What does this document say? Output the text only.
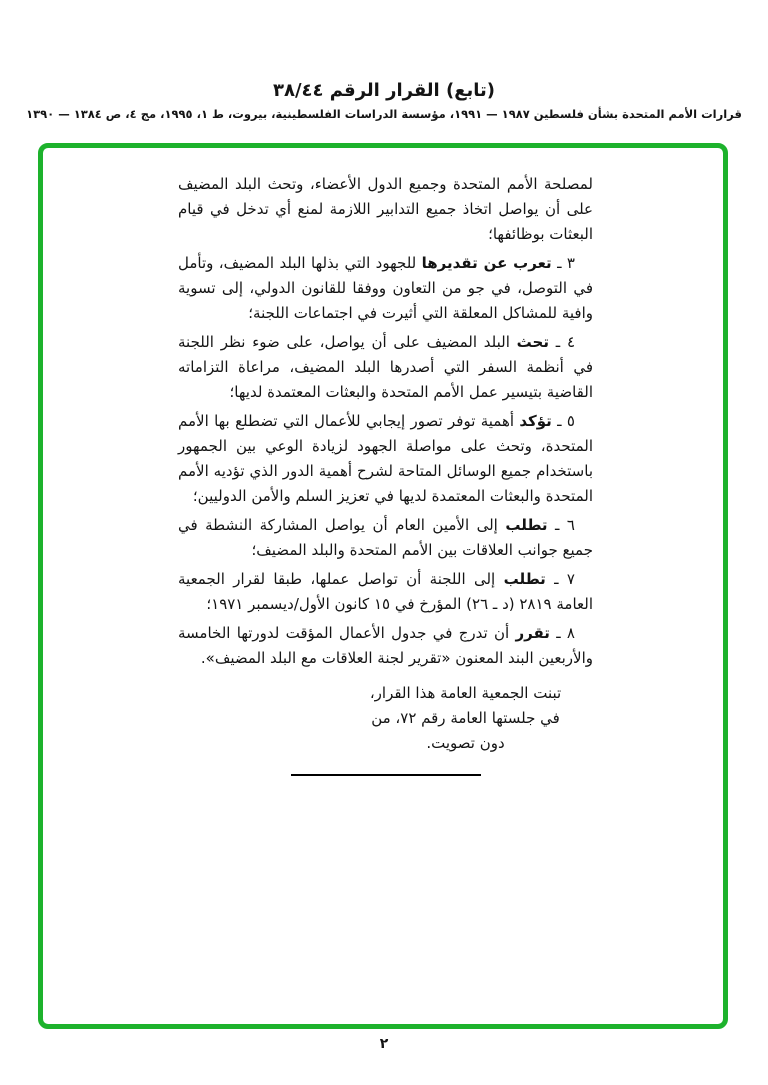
(تابع) القرار الرقم ٣٨/٤٤
قرارات الأمم المتحدة بشأن فلسطين ١٩٨٧ — ١٩٩١، مؤسسة الدراسات الفلسطينية، بيروت، ط ١، ١٩٩٥، مج ٤، ص ١٣٨٤ — ١٣٩٠

لمصلحة الأمم المتحدة وجميع الدول الأعضاء، وتحث البلد المضيف على أن يواصل اتخاذ جميع التدابير اللازمة لمنع أي تدخل في قيام البعثات بوظائفها؛

٣ ـ تعرب عن تقديرها للجهود التي بذلها البلد المضيف، وتأمل في التوصل، في جو من التعاون ووفقا للقانون الدولي، إلى تسوية وافية للمشاكل المعلقة التي أثيرت في اجتماعات اللجنة؛

٤ ـ تحث البلد المضيف على أن يواصل، على ضوء نظر اللجنة في أنظمة السفر التي أصدرها البلد المضيف، مراعاة التزاماته القاضية بتيسير عمل الأمم المتحدة والبعثات المعتمدة لديها؛

٥ ـ تؤكد أهمية توفر تصور إيجابي للأعمال التي تضطلع بها الأمم المتحدة، وتحث على مواصلة الجهود لزيادة الوعي بين الجمهور باستخدام جميع الوسائل المتاحة لشرح أهمية الدور الذي تؤديه الأمم المتحدة والبعثات المعتمدة لديها في تعزيز السلم والأمن الدوليين؛

٦ ـ تطلب إلى الأمين العام أن يواصل المشاركة النشطة في جميع جوانب العلاقات بين الأمم المتحدة والبلد المضيف؛

٧ ـ تطلب إلى اللجنة أن تواصل عملها، طبقا لقرار الجمعية العامة ٢٨١٩ (د ـ ٢٦) المؤرخ في ١٥ كانون الأول/ديسمبر ١٩٧١؛

٨ ـ تقرر أن تدرج في جدول الأعمال المؤقت لدورتها الخامسة والأربعين البند المعنون «تقرير لجنة العلاقات مع البلد المضيف».

تبنت الجمعية العامة هذا القرار،
في جلستها العامة رقم ٧٢، من
دون تصويت.
٢
